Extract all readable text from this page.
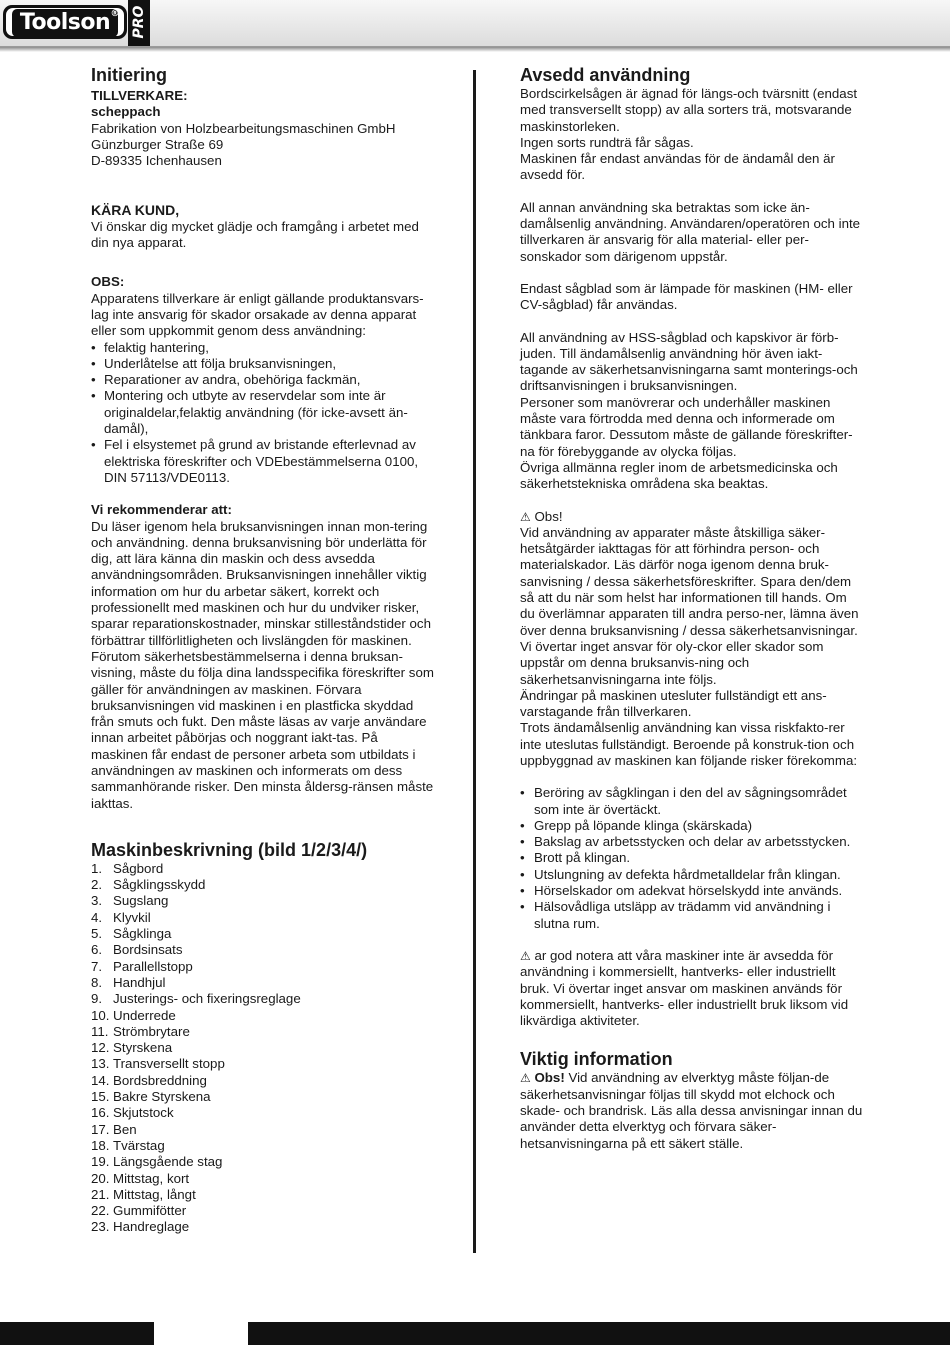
Toolson ® PRO

Initiering

TILLVERKARE:

scheppach

Fabrikation von Holzbearbeitungsmaschinen GmbH

Günzburger Straße 69

D-89335 Ichenhausen

KÄRA KUND,

Vi önskar dig mycket glädje och framgång i arbetet med din nya apparat.

OBS:

Apparatens tillverkare är enligt gällande produktansvars-lag inte ansvarig för skador orsakade av denna apparat eller som uppkommit genom dess användning:

• felaktig hantering,
• Underlåtelse att följa bruksanvisningen,
• Reparationer av andra, obehöriga fackmän,
• Montering och utbyte av reservdelar som inte är originaldelar,felaktig användning (för icke-avsett än-damål),
• Fel i elsystemet på grund av bristande efterlevnad av elektriska föreskrifter och VDEbestämmelserna 0100, DIN 57113/VDE0113.

Vi rekommenderar att:

Du läser igenom hela bruksanvisningen innan mon-tering och användning. denna bruksanvisning bör underlätta för dig, att lära känna din maskin och dess avsedda användningsområden. Bruksanvisningen innehåller viktig information om hur du arbetar säkert, korrekt och professionellt med maskinen och hur du undviker risker, sparar reparationskostnader, minskar stilleståndstider och

förbättrar tillförlitligheten och livslängden för maskinen. Förutom säkerhetsbestämmelserna i denna bruksan-visning, måste du följa dina landsspecifika föreskrifter som gäller för användningen av maskinen. Förvara bruksanvisningen vid maskinen i en plastficka skyddad från smuts och fukt. Den måste läsas av varje användare innan arbeitet påbörjas och noggrant iakt-tas. På maskinen får endast de personer arbeta som utbildats i användningen av maskinen och informerats om dess sammanhörande risker. Den minsta åldersg-ränsen måste iakttas.

Maskinbeskrivning (bild 1/2/3/4/)

1. Sågbord
2. Sågklingsskydd
3. Sugslang
4. Klyvkil
5. Sågklinga
6. Bordsinsats
7. Parallellstopp
8. Handhjul
9. Justerings- och fixeringsreglage
10. Underrede
11. Strömbrytare
12. Styrskena
13. Transversellt stopp
14. Bordsbreddning
15. Bakre Styrskena
16. Skjutstock
17. Ben
18. Tvärstag
19. Längsgående stag
20. Mittstag, kort
21. Mittstag, långt
22. Gummifötter
23. Handreglage

Avsedd användning

Bordscirkelsågen är ägnad för längs-och tvärsnitt (endast med transversellt stopp) av alla sorters trä, motsvarande maskinstorleken.

Ingen sorts rundträ får sågas.

Maskinen får endast användas för de ändamål den är avsedd för.

All annan användning ska betraktas som icke än-damålsenlig användning. Användaren/operatören och inte tillverkaren är ansvarig för alla material- eller per-sonskador som därigenom uppstår.

Endast sågblad som är lämpade för maskinen (HM- eller CV-sågblad) får användas.

All användning av HSS-sågblad och kapskivor är förb-juden. Till ändamålsenlig användning hör även iakt-tagande av säkerhetsanvisningarna samt monterings-och driftsanvisningen i bruksanvisningen.

Personer som manövrerar och underhåller maskinen måste vara förtrodda med denna och informerade om tänkbara faror. Dessutom måste de gällande föreskrifter-na för förebyggande av olycka följas.

Övriga allmänna regler inom de arbetsmedicinska och säkerhetstekniska områdena ska beaktas.

⚠ Obs!

Vid användning av apparater måste åtskilliga säker-hetsåtgärder iakttagas för att förhindra person- och materialskador. Läs därför noga igenom denna bruk-sanvisning / dessa säkerhetsföreskrifter. Spara den/dem så att du när som helst har informationen till hands. Om du överlämnar apparaten till andra perso-ner, lämna även över denna bruksanvisning / dessa säkerhetsanvisningar. Vi övertar inget ansvar för oly-ckor eller skador som uppstår om denna bruksanvis-ning och säkerhetsanvisningarna inte följs.

Ändringar på maskinen utesluter fullständigt ett ans-varstagande från tillverkaren.

Trots ändamålsenlig användning kan vissa riskfakto-rer inte uteslutas fullständigt. Beroende på konstruk-tion och uppbyggnad av maskinen kan följande risker förekomma:

• Beröring av sågklingan i den del av sågningsområdet som inte är övertäckt.
• Grepp på löpande klinga (skärskada)
• Bakslag av arbetsstycken och delar av arbetsstycken.
• Brott på klingan.
• Utslungning av defekta hårdmetalldelar från klingan.
• Hörselskador om adekvat hörselskydd inte används.
• Hälsovådliga utsläpp av trädamm vid användning i slutna rum.

⚠ ar god notera att våra maskiner inte är avsedda för användning i kommersiellt, hantverks- eller industriellt bruk. Vi övertar inget ansvar om maskinen används för kommersiellt, hantverks- eller industriellt bruk liksom vid likvärdiga aktiviteter.

Viktig information

⚠ Obs! Vid användning av elverktyg måste följan-de säkerhetsanvisningar följas till skydd mot elchock och skade- och brandrisk. Läs alla dessa anvisningar innan du använder detta elverktyg och förvara säker-hetsanvisningarna på ett säkert ställe.
